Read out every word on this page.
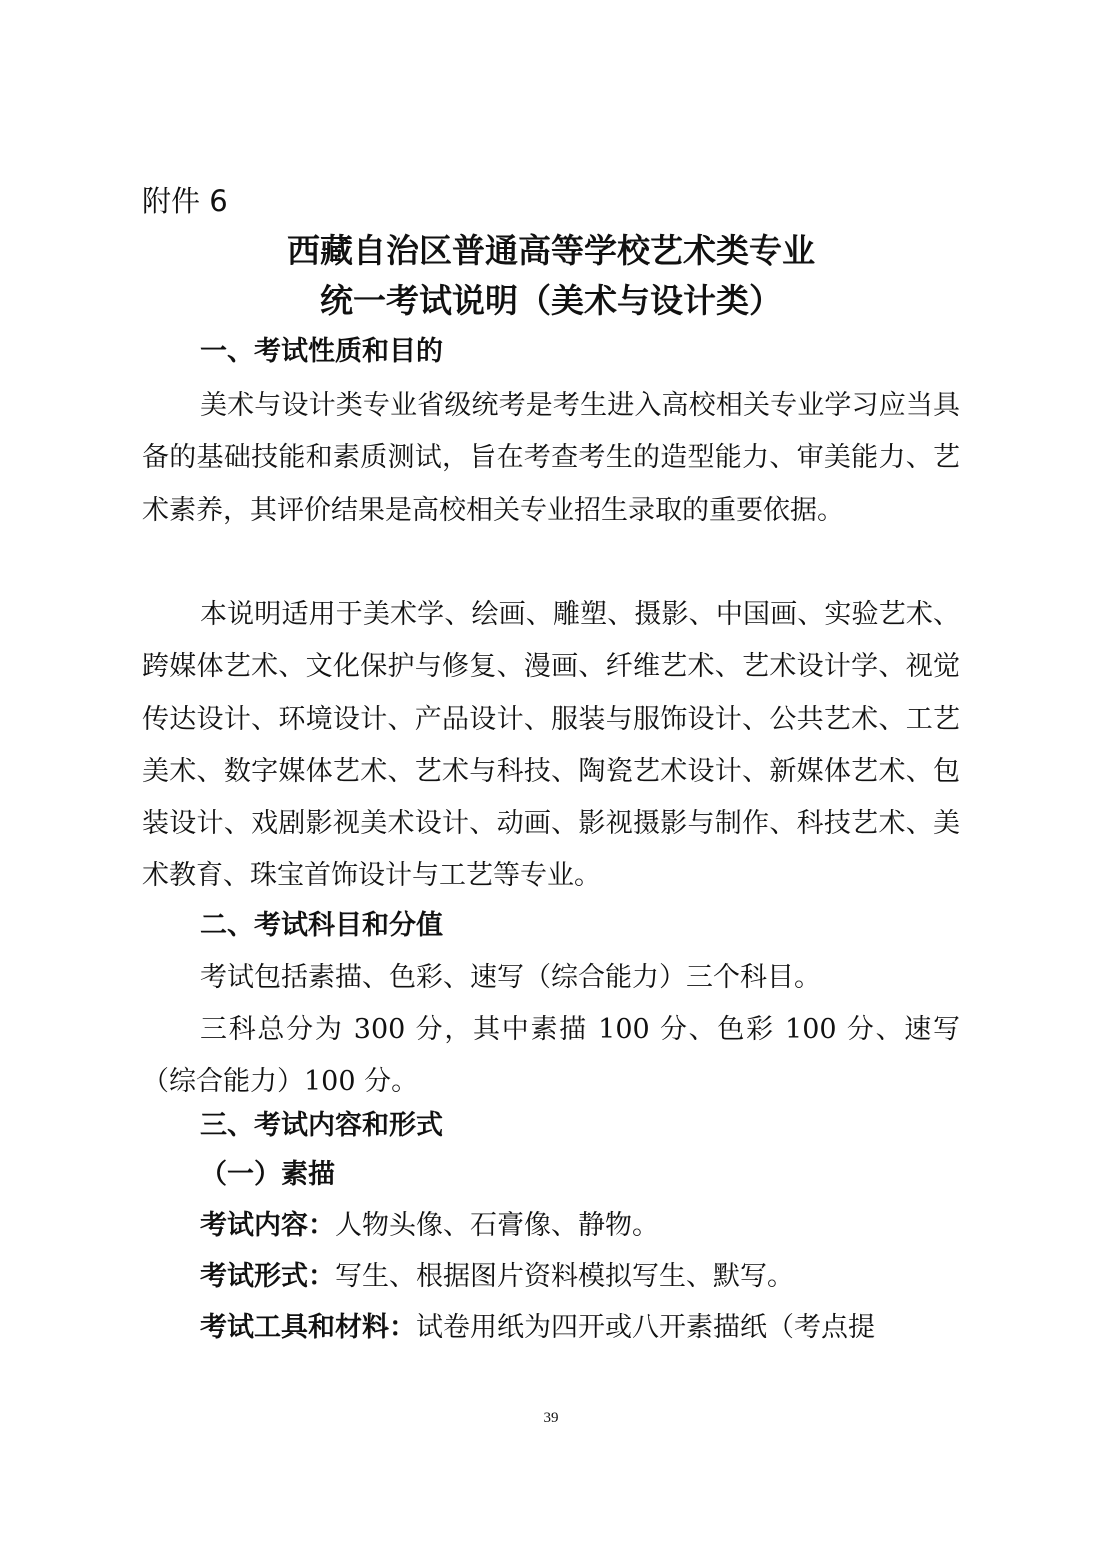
附件 6
西藏自治区普通高等学校艺术类专业
统一考试说明（美术与设计类）
一、考试性质和目的
美术与设计类专业省级统考是考生进入高校相关专业学习应当具备的基础技能和素质测试，旨在考查考生的造型能力、审美能力、艺术素养，其评价结果是高校相关专业招生录取的重要依据。
本说明适用于美术学、绘画、雕塑、摄影、中国画、实验艺术、跨媒体艺术、文化保护与修复、漫画、纤维艺术、艺术设计学、视觉传达设计、环境设计、产品设计、服装与服饰设计、公共艺术、工艺美术、数字媒体艺术、艺术与科技、陶瓷艺术设计、新媒体艺术、包装设计、戏剧影视美术设计、动画、影视摄影与制作、科技艺术、美术教育、珠宝首饰设计与工艺等专业。
二、考试科目和分值
考试包括素描、色彩、速写（综合能力）三个科目。
三科总分为 300 分，其中素描 100 分、色彩 100 分、速写（综合能力）100 分。
三、考试内容和形式
（一）素描
考试内容：人物头像、石膏像、静物。
考试形式：写生、根据图片资料模拟写生、默写。
考试工具和材料：试卷用纸为四开或八开素描纸（考点提
39
